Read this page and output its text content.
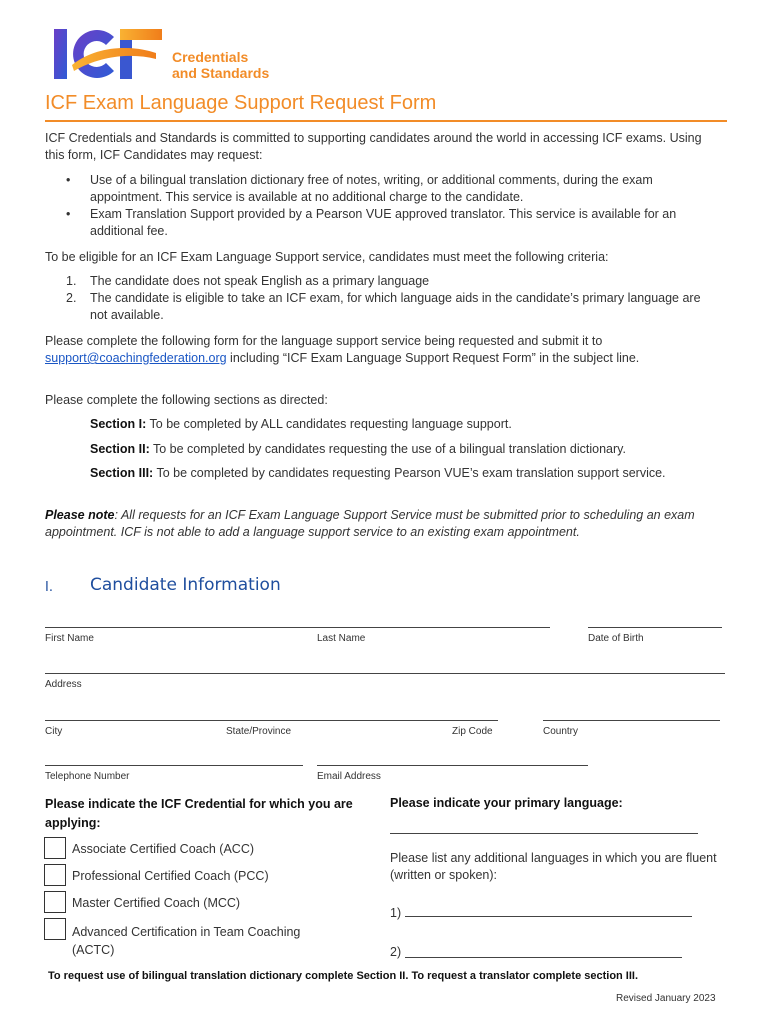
Credentials
and Standards
ICF Exam Language Support Request Form
ICF Credentials and Standards is committed to supporting candidates around the world in accessing ICF exams. Using this form, ICF Candidates may request:
•	Use of a bilingual translation dictionary free of notes, writing, or additional comments, during the exam appointment. This service is available at no additional charge to the candidate.
•	Exam Translation Support provided by a Pearson VUE approved translator. This service is available for an additional fee.
To be eligible for an ICF Exam Language Support service, candidates must meet the following criteria:
1.	The candidate does not speak English as a primary language
2.	The candidate is eligible to take an ICF exam, for which language aids in the candidate’s primary language are not available.
Please complete the following form for the language support service being requested and submit it to support@coachingfederation.org including “ICF Exam Language Support Request Form” in the subject line.
Please complete the following sections as directed:
Section I: To be completed by ALL candidates requesting language support.
Section II: To be completed by candidates requesting the use of a bilingual translation dictionary.
Section III: To be completed by candidates requesting Pearson VUE’s exam translation support service.
Please note: All requests for an ICF Exam Language Support Service must be submitted prior to scheduling an exam appointment. ICF is not able to add a language support service to an existing exam appointment.
I. Candidate Information
First Name	Last Name	Date of Birth
Address
City	State/Province	Zip Code	Country
Telephone Number	Email Address
Please indicate the ICF Credential for which you are applying:
Associate Certified Coach (ACC)
Professional Certified Coach (PCC)
Master Certified Coach (MCC)
Advanced Certification in Team Coaching (ACTC)
Please indicate your primary language:
Please list any additional languages in which you are fluent (written or spoken):
1)
2)
To request use of bilingual translation dictionary complete Section II. To request a translator complete section III.
Revised January 2023
